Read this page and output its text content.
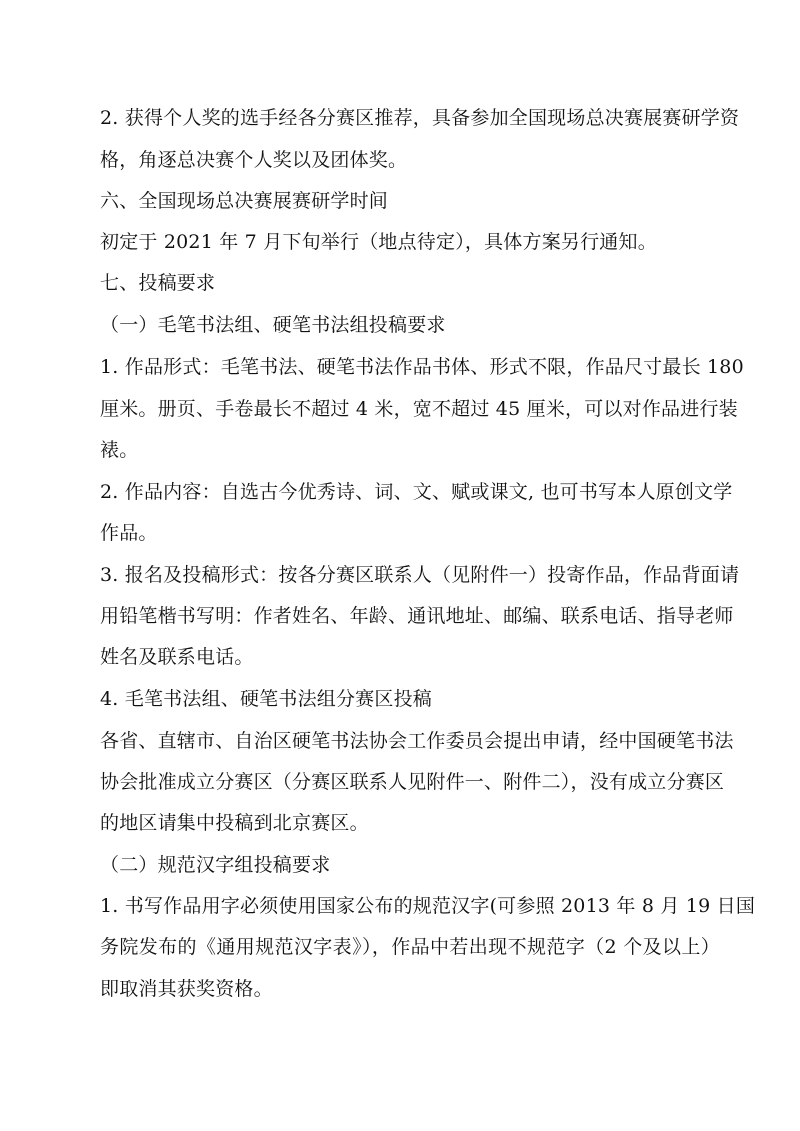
2. 获得个人奖的选手经各分赛区推荐，具备参加全国现场总决赛展赛研学资
格，角逐总决赛个人奖以及团体奖。
六、全国现场总决赛展赛研学时间
初定于 2021 年 7 月下旬举行（地点待定），具体方案另行通知。
七、投稿要求
（一）毛笔书法组、硬笔书法组投稿要求
1. 作品形式：毛笔书法、硬笔书法作品书体、形式不限，作品尺寸最长 180
厘米。册页、手卷最长不超过 4 米，宽不超过 45 厘米，可以对作品进行装
裱。
2. 作品内容：自选古今优秀诗、词、文、赋或课文, 也可书写本人原创文学
作品。
3. 报名及投稿形式：按各分赛区联系人（见附件一）投寄作品，作品背面请
用铅笔楷书写明：作者姓名、年龄、通讯地址、邮编、联系电话、指导老师
姓名及联系电话。
4. 毛笔书法组、硬笔书法组分赛区投稿
各省、直辖市、自治区硬笔书法协会工作委员会提出申请，经中国硬笔书法
协会批准成立分赛区（分赛区联系人见附件一、附件二），没有成立分赛区
的地区请集中投稿到北京赛区。
（二）规范汉字组投稿要求
1. 书写作品用字必须使用国家公布的规范汉字(可参照 2013 年 8 月 19 日国
务院发布的《通用规范汉字表》），作品中若出现不规范字（2 个及以上）
即取消其获奖资格。
